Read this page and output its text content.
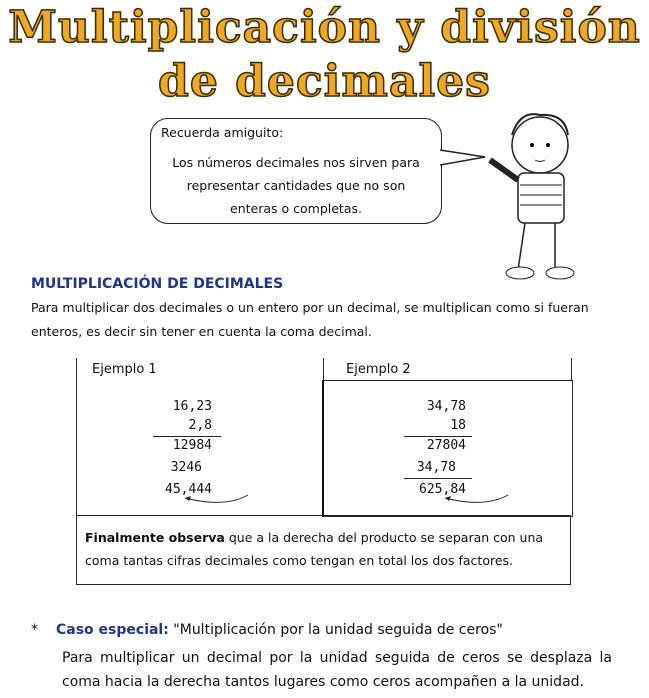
Multiplicación y división
de decimales
Recuerda amiguito:
Los números decimales nos sirven para representar cantidades que no son enteras o completas.
MULTIPLICACIÓN DE DECIMALES
Para multiplicar dos decimales o un entero por un decimal, se multiplican como si fueran enteros, es decir sin tener en cuenta la coma decimal.
Ejemplo 1
16,23
2,8
12984
3246
45,444
Ejemplo 2
34,78
18
27804
34,78
625,84
Finalmente observa que a la derecha del producto se separan con una coma tantas cifras decimales como tengan en total los dos factores.
* Caso especial: "Multiplicación por la unidad seguida de ceros"
Para multiplicar un decimal por la unidad seguida de ceros se desplaza la coma hacia la derecha tantos lugares como ceros acompañen a la unidad.
